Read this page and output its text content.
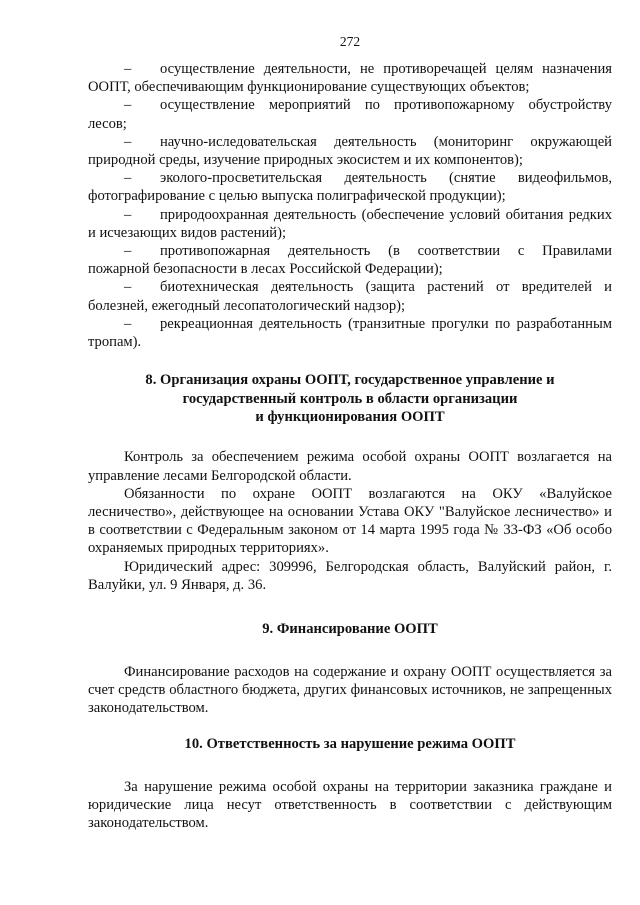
272

–	осуществление деятельности, не противоречащей целям назначения
ООПТ, обеспечивающим функционирование существующих объектов;
–	осуществление мероприятий по противопожарному обустройству
лесов;
–	научно-иследовательская деятельность (мониторинг окружающей
природной среды, изучение природных экосистем и их компонентов);
–	эколого-просветительская деятельность (снятие видеофильмов,
фотографирование с целью выпуска полиграфической продукции);
–	природоохранная деятельность (обеспечение условий обитания редких
и исчезающих видов растений);
–	противопожарная деятельность (в соответствии с Правилами
пожарной безопасности в лесах Российской Федерации);
–	биотехническая деятельность (защита растений от вредителей и
болезней, ежегодный лесопатологический надзор);
–	рекреационная деятельность (транзитные прогулки по разработанным
тропам).

8. Организация охраны ООПТ, государственное управление и

государственный контроль в области организации

и функционирования ООПТ

Контроль за обеспечением режима особой охраны ООПТ возлагается на управление лесами Белгородской области.

Обязанности по охране ООПТ возлагаются на ОКУ «Валуйское лесничество», действующее на основании Устава ОКУ "Валуйское лесничество» и в соответствии с Федеральным законом от 14 марта 1995 года № 33-ФЗ «Об особо охраняемых природных территориях».

Юридический адрес: 309996, Белгородская область, Валуйский район, г. Валуйки, ул. 9 Января, д. 36.

9. Финансирование ООПТ

Финансирование расходов на содержание и охрану ООПТ осуществляется за счет средств областного бюджета, других финансовых источников, не запрещенных законодательством.

10. Ответственность за нарушение режима ООПТ

За нарушение режима особой охраны на территории заказника граждане и юридические лица несут ответственность в соответствии с действующим законодательством.
